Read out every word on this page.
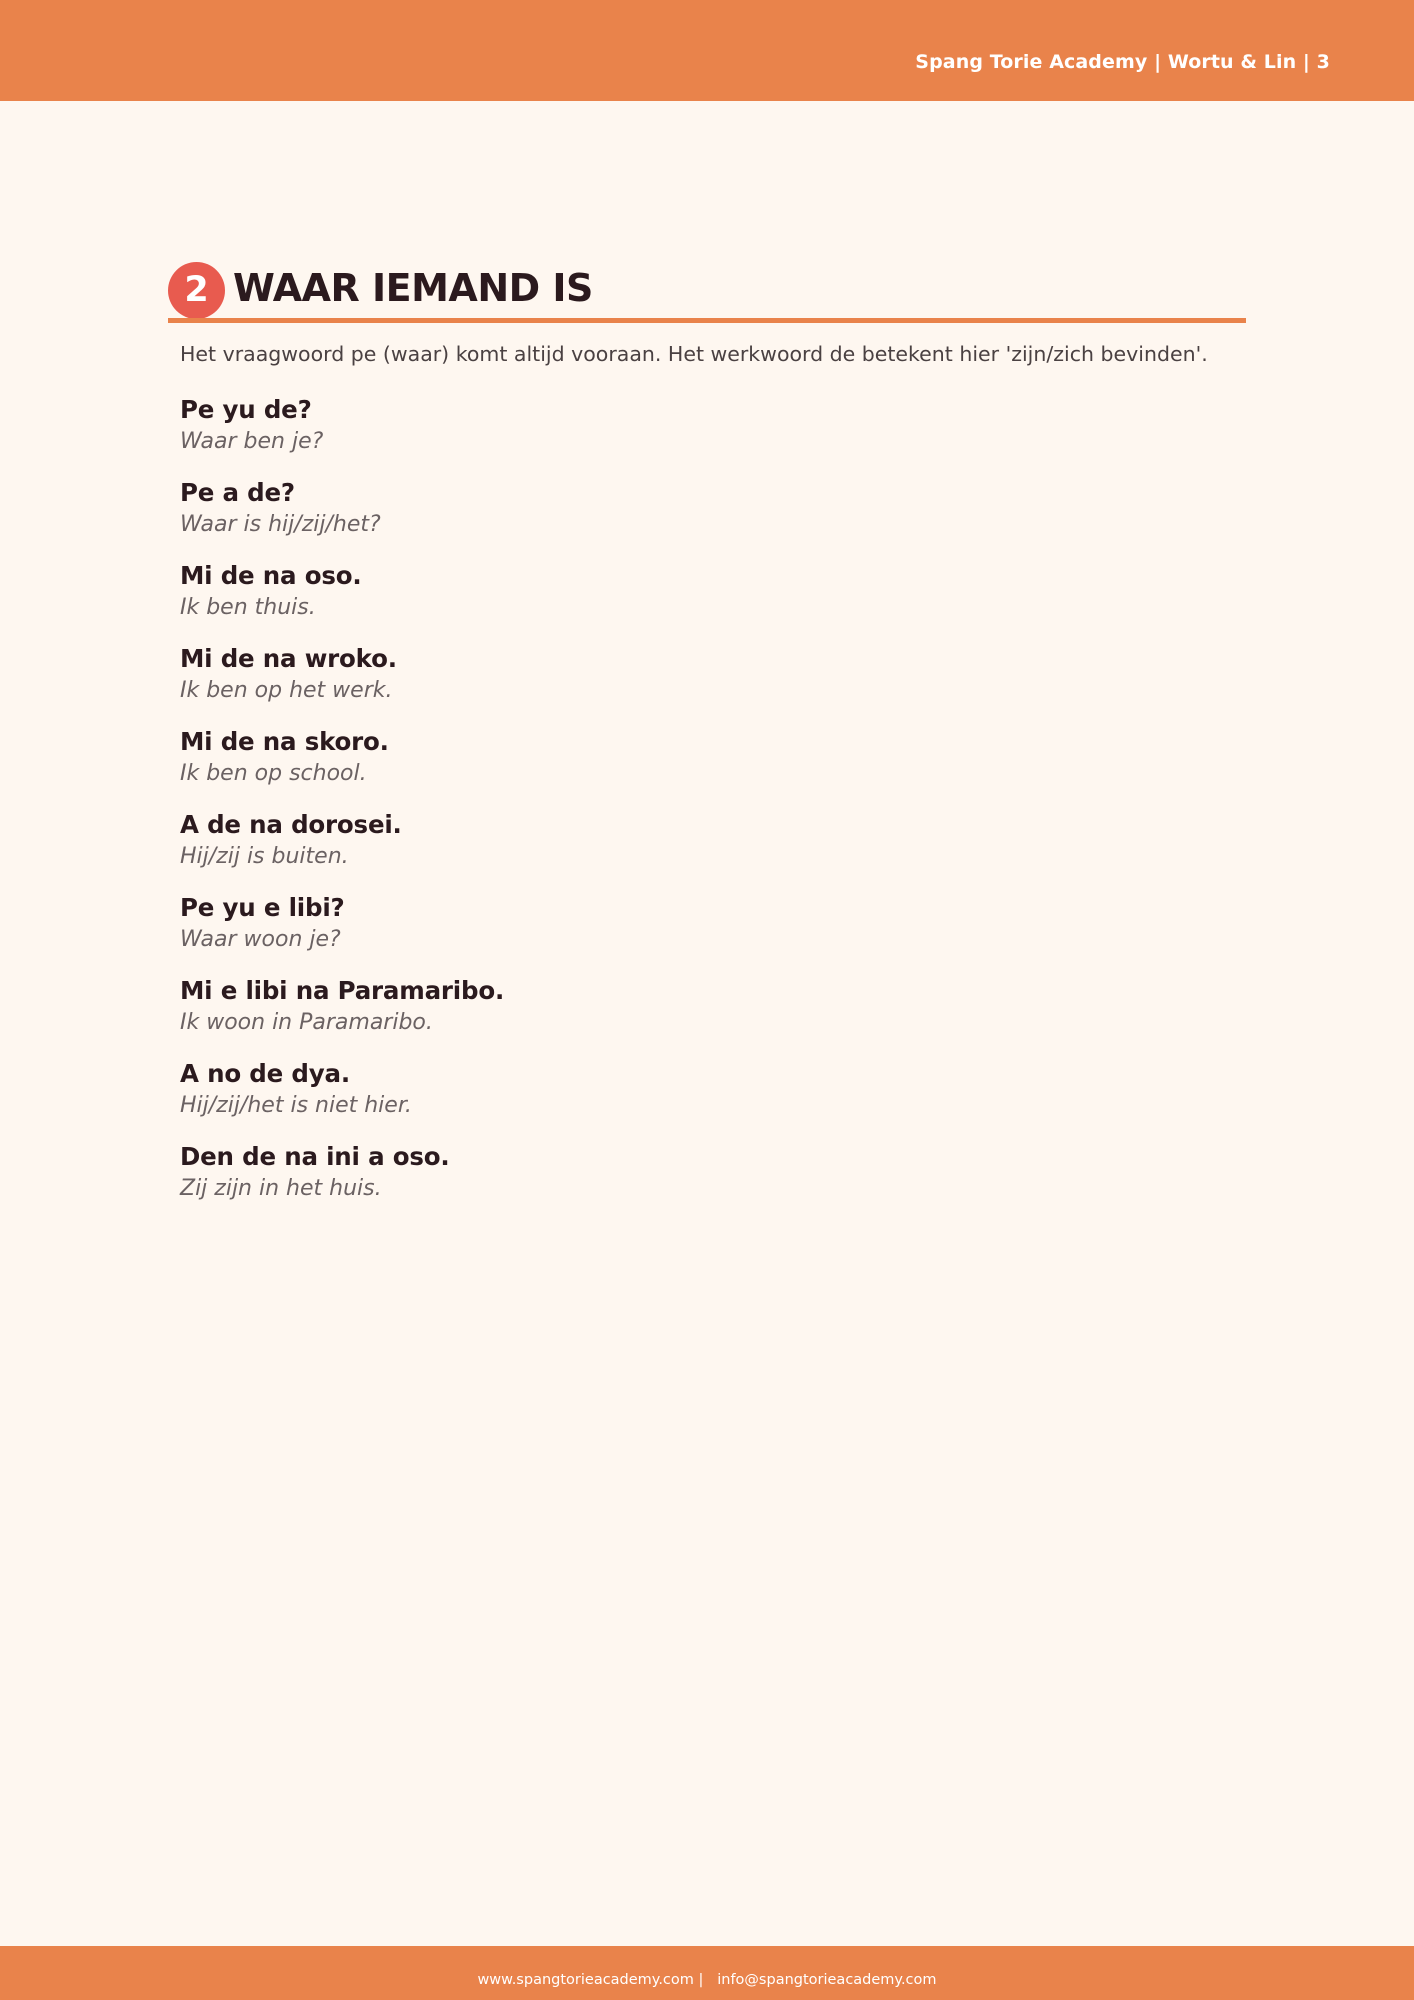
Spang Torie Academy | Wortu & Lin | 3
2 WAAR IEMAND IS

Het vraagwoord pe (waar) komt altijd vooraan. Het werkwoord de betekent hier 'zijn/zich bevinden'.

Pe yu de?
Waar ben je?
Pe a de?
Waar is hij/zij/het?
Mi de na oso.
Ik ben thuis.
Mi de na wroko.
Ik ben op het werk.
Mi de na skoro.
Ik ben op school.
A de na dorosei.
Hij/zij is buiten.
Pe yu e libi?
Waar woon je?
Mi e libi na Paramaribo.
Ik woon in Paramaribo.
A no de dya.
Hij/zij/het is niet hier.
Den de na ini a oso.
Zij zijn in het huis.
www.spangtorieacademy.com |   info@spangtorieacademy.com
